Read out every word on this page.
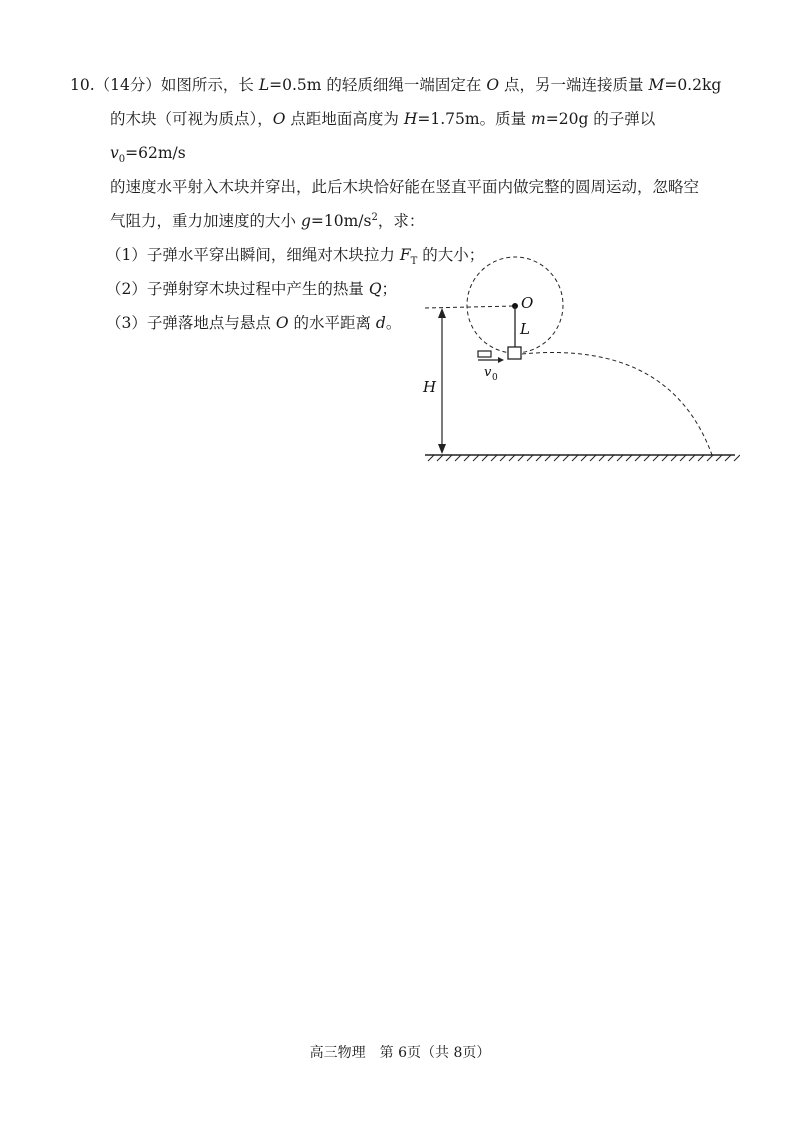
10.（14分）如图所示，长 L=0.5m 的轻质细绳一端固定在 O 点，另一端连接质量 M=0.2kg

的木块（可视为质点），O 点距地面高度为 H=1.75m。质量 m=20g 的子弹以 $v_0=62m/s$

的速度水平射入木块并穿出，此后木块恰好能在竖直平面内做完整的圆周运动，忽略空

气阻力，重力加速度的大小 $g=10m/s^2$，求：

（1）子弹水平穿出瞬间，细绳对木块拉力 $F_T$ 的大小；

（2）子弹射穿木块过程中产生的热量 Q；

（3）子弹落地点与悬点 O 的水平距离 d。

O
L
H
v 0
高三物理　第 6页（共 8页）
